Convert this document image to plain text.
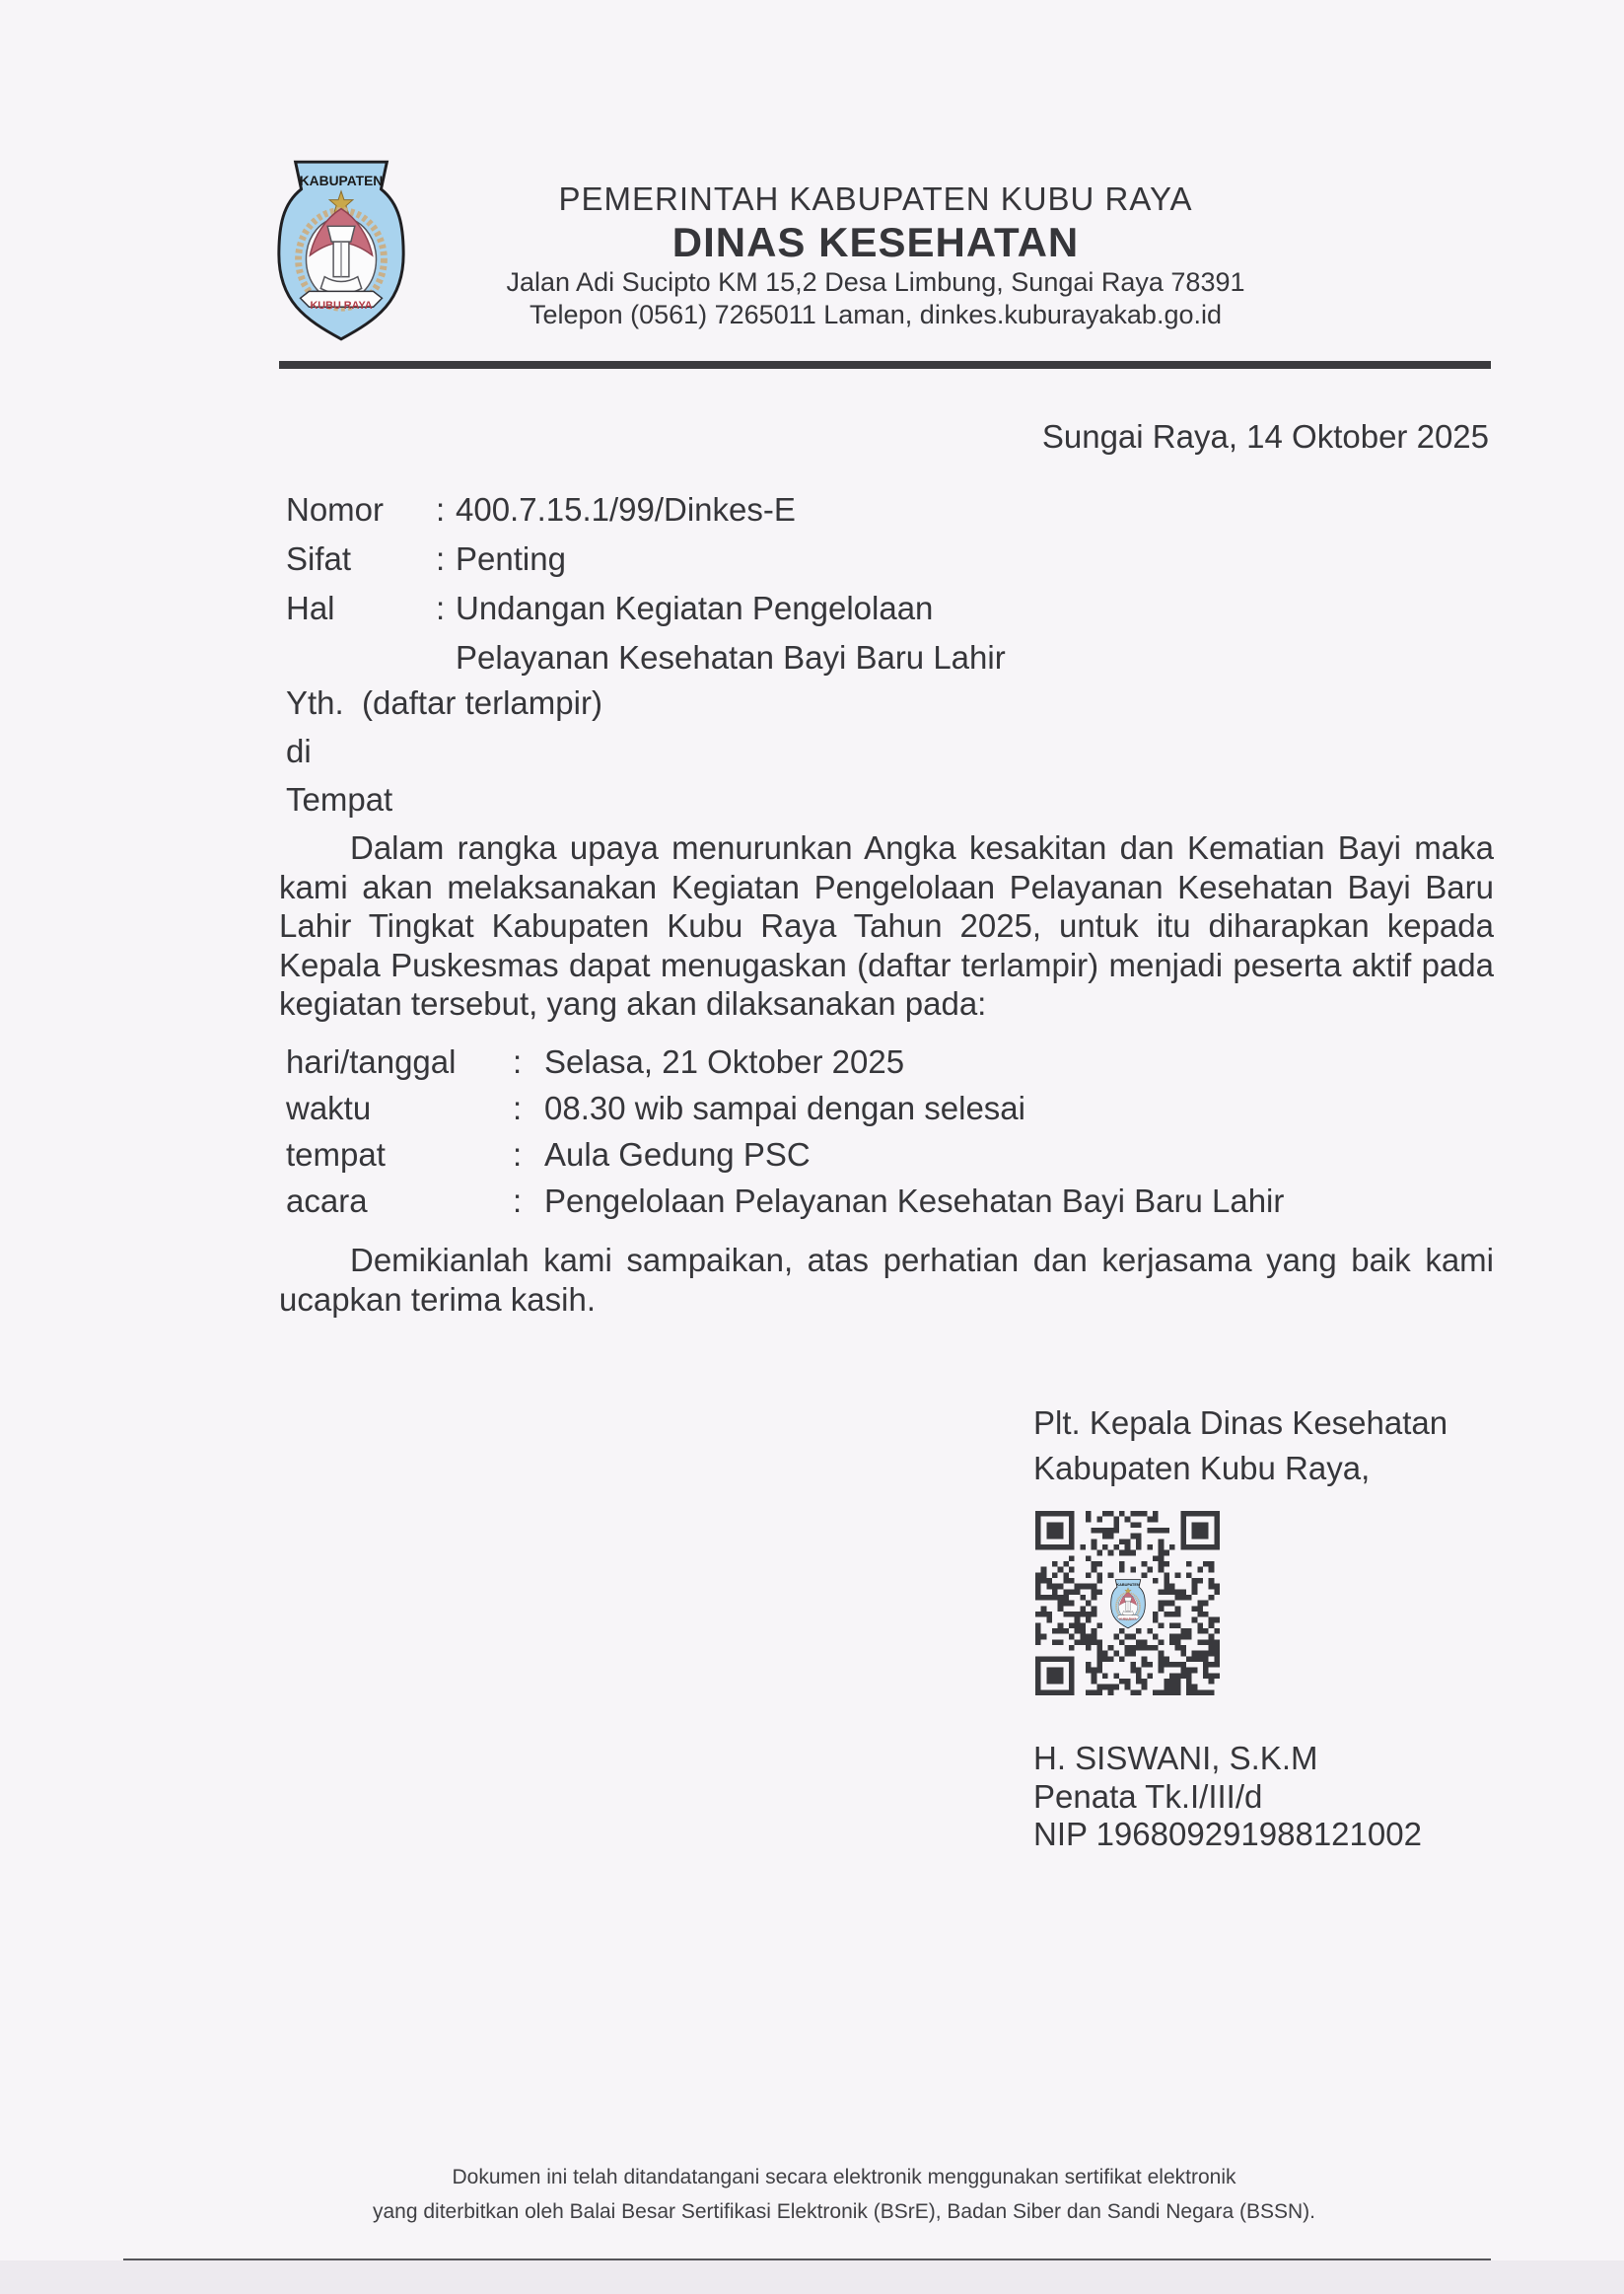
PEMERINTAH KABUPATEN KUBU RAYA
DINAS KESEHATAN
Jalan Adi Sucipto KM 15,2 Desa Limbung, Sungai Raya 78391
Telepon (0561) 7265011 Laman, dinkes.kuburayakab.go.id
Sungai Raya, 14 Oktober 2025
Nomor : 400.7.15.1/99/Dinkes-E
Sifat	: Penting
Hal	: Undangan Kegiatan Pengelolaan
Pelayanan Kesehatan Bayi Baru Lahir
Yth.  (daftar terlampir)
di
Tempat
Dalam rangka upaya menurunkan Angka kesakitan dan Kematian Bayi maka kami akan melaksanakan Kegiatan Pengelolaan Pelayanan Kesehatan Bayi Baru Lahir Tingkat Kabupaten Kubu Raya Tahun 2025, untuk itu diharapkan kepada Kepala Puskesmas dapat menugaskan (daftar terlampir) menjadi peserta aktif pada kegiatan tersebut, yang akan dilaksanakan pada:
hari/tanggal : Selasa, 21 Oktober 2025
waktu	: 08.30 wib sampai dengan selesai
tempat	: Aula Gedung PSC
acara	: Pengelolaan Pelayanan Kesehatan Bayi Baru Lahir
Demikianlah kami sampaikan, atas perhatian dan kerjasama yang baik kami ucapkan terima kasih.
Plt. Kepala Dinas Kesehatan
Kabupaten Kubu Raya,
H. SISWANI, S.K.M
Penata Tk.I/III/d
NIP 196809291988121002
Dokumen ini telah ditandatangani secara elektronik menggunakan sertifikat elektronik
yang diterbitkan oleh Balai Besar Sertifikasi Elektronik (BSrE), Badan Siber dan Sandi Negara (BSSN).
